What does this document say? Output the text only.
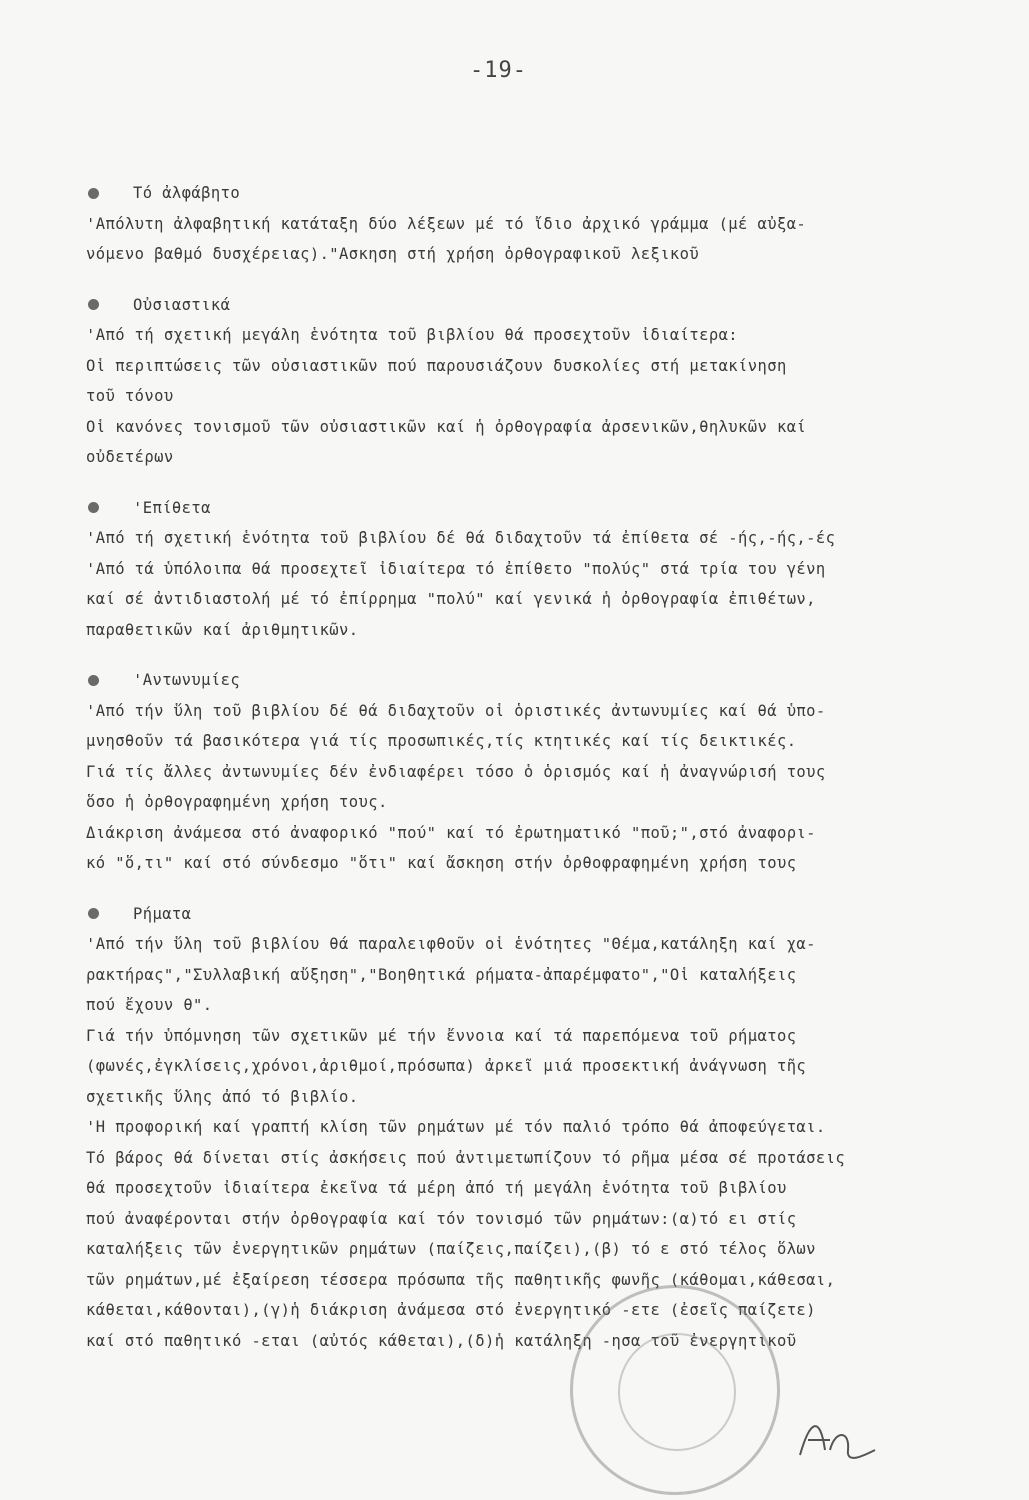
-19-
Τό ἀλφάβητο
'Απόλυτη ἀλφαβητική κατάταξη δύο λέξεων μέ τό ἴδιο ἀρχικό γράμμα (μέ αὐξα-
νόμενο βαθμό δυσχέρειας)."Ασκηση στή χρήση ὀρθογραφικοῦ λεξικοῦ
Οὐσιαστικά
'Από τή σχετική μεγάλη ἑνότητα τοῦ βιβλίου θά προσεχτοῦν ἰδιαίτερα:
Οἱ περιπτώσεις τῶν οὐσιαστικῶν πού παρουσιάζουν δυσκολίες στή μετακίνηση
τοῦ τόνου
Οἱ κανόνες τονισμοῦ τῶν οὐσιαστικῶν καί ἡ ὀρθογραφία ἀρσενικῶν,θηλυκῶν καί
οὐδετέρων
'Επίθετα
'Από τή σχετική ἑνότητα τοῦ βιβλίου δέ θά διδαχτοῦν τά ἐπίθετα σέ -ής,-ής,-ές
'Από τά ὑπόλοιπα θά προσεχτεῖ ἰδιαίτερα τό ἐπίθετο "πολύς" στά τρία του γένη
καί σέ ἀντιδιαστολή μέ τό ἐπίρρημα "πολύ" καί γενικά ἡ ὀρθογραφία ἐπιθέτων,
παραθετικῶν καί ἀριθμητικῶν.
'Αντωνυμίες
'Από τήν ὕλη τοῦ βιβλίου δέ θά διδαχτοῦν οἱ ὁριστικές ἀντωνυμίες καί θά ὑπο-
μνησθοῦν τά βασικότερα γιά τίς προσωπικές,τίς κτητικές καί τίς δεικτικές.
Γιά τίς ἄλλες ἀντωνυμίες δέν ἐνδιαφέρει τόσο ὁ ὁρισμός καί ἡ ἀναγνώρισή τους
ὅσο ἡ ὀρθογραφημένη χρήση τους.
Διάκριση ἀνάμεσα στό ἀναφορικό "πού" καί τό ἐρωτηματικό "ποῦ;",στό ἀναφορι-
κό "ὅ,τι" καί στό σύνδεσμο "ὅτι" καί ἄσκηση στήν ὀρθοφραφημένη χρήση τους
Ρήματα
'Από τήν ὕλη τοῦ βιβλίου θά παραλειφθοῦν οἱ ἑνότητες "Θέμα,κατάληξη καί χα-
ρακτήρας","Συλλαβική αὔξηση","Βοηθητικά ρήματα-ἀπαρέμφατο","Οἱ καταλήξεις
πού ἔχουν θ".
Γιά τήν ὑπόμνηση τῶν σχετικῶν μέ τήν ἔννοια καί τά παρεπόμενα τοῦ ρήματος
(φωνές,ἐγκλίσεις,χρόνοι,ἀριθμοί,πρόσωπα) ἀρκεῖ μιά προσεκτική ἀνάγνωση τῆς
σχετικῆς ὕλης ἀπό τό βιβλίο.
'Η προφορική καί γραπτή κλίση τῶν ρημάτων μέ τόν παλιό τρόπο θά ἀποφεύγεται.
Τό βάρος θά δίνεται στίς ἀσκήσεις πού ἀντιμετωπίζουν τό ρῆμα μέσα σέ προτάσεις
θά προσεχτοῦν ἰδιαίτερα ἐκεῖνα τά μέρη ἀπό τή μεγάλη ἑνότητα τοῦ βιβλίου
πού ἀναφέρονται στήν ὀρθογραφία καί τόν τονισμό τῶν ρημάτων:(α)τό ει στίς
καταλήξεις τῶν ἐνεργητικῶν ρημάτων (παίζεις,παίζει),(β) τό ε στό τέλος ὅλων
τῶν ρημάτων,μέ ἐξαίρεση τέσσερα πρόσωπα τῆς παθητικῆς φωνῆς (κάθομαι,κάθεσαι,
κάθεται,κάθονται),(γ)ἡ διάκριση ἀνάμεσα στό ἐνεργητικό -ετε (ἐσεῖς παίζετε)
καί στό παθητικό -εται (αὐτός κάθεται),(δ)ἡ κατάληξη -ησα τοῦ ἐνεργητικοῦ
